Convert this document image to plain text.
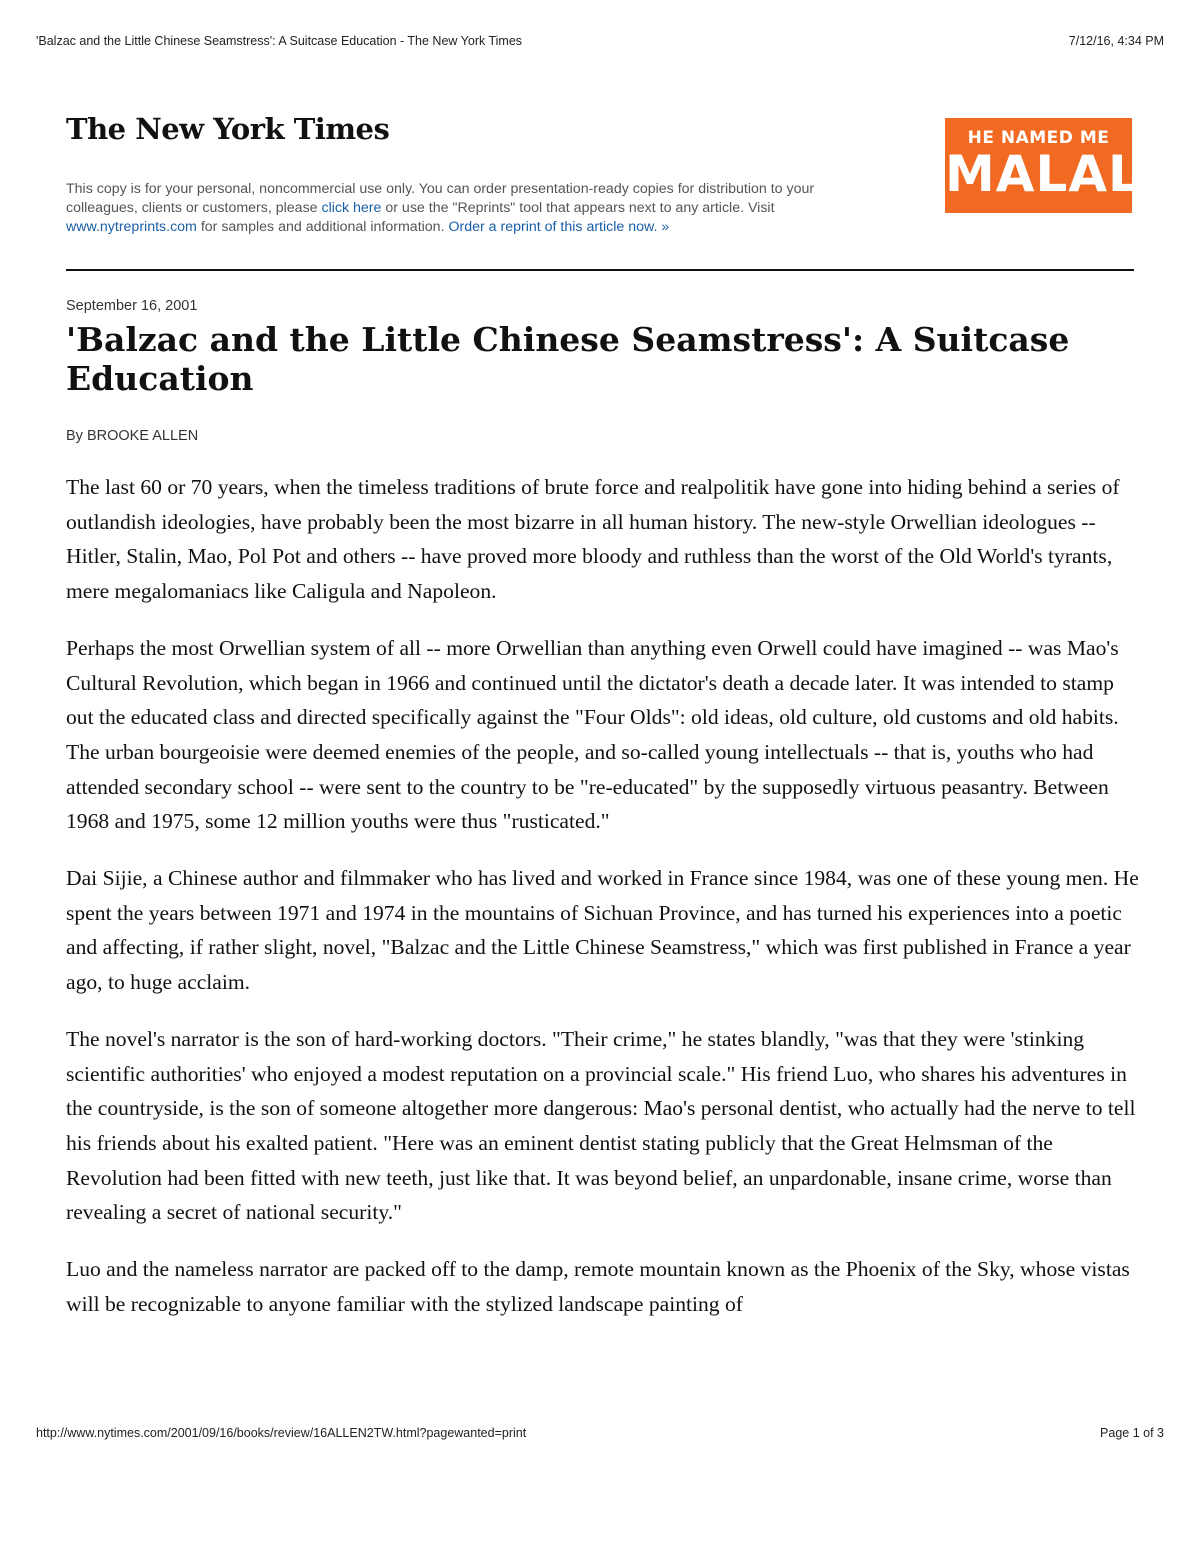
'Balzac and the Little Chinese Seamstress': A Suitcase Education - The New York Times	7/12/16, 4:34 PM
The New York Times	HE NAMED ME
MALALA
This copy is for your personal, noncommercial use only. You can order presentation-ready copies for distribution to your colleagues, clients or customers, please click here or use the "Reprints" tool that appears next to any article. Visit www.nytreprints.com for samples and additional information. Order a reprint of this article now. »
September 16, 2001
'Balzac and the Little Chinese Seamstress': A Suitcase Education
By BROOKE ALLEN

The last 60 or 70 years, when the timeless traditions of brute force and realpolitik have gone into hiding behind a series of outlandish ideologies, have probably been the most bizarre in all human history. The new-style Orwellian ideologues -- Hitler, Stalin, Mao, Pol Pot and others -- have proved more bloody and ruthless than the worst of the Old World's tyrants, mere megalomaniacs like Caligula and Napoleon.

Perhaps the most Orwellian system of all -- more Orwellian than anything even Orwell could have imagined -- was Mao's Cultural Revolution, which began in 1966 and continued until the dictator's death a decade later. It was intended to stamp out the educated class and directed specifically against the "Four Olds": old ideas, old culture, old customs and old habits. The urban bourgeoisie were deemed enemies of the people, and so-called young intellectuals -- that is, youths who had attended secondary school -- were sent to the country to be "re-educated" by the supposedly virtuous peasantry. Between 1968 and 1975, some 12 million youths were thus "rusticated."

Dai Sijie, a Chinese author and filmmaker who has lived and worked in France since 1984, was one of these young men. He spent the years between 1971 and 1974 in the mountains of Sichuan Province, and has turned his experiences into a poetic and affecting, if rather slight, novel, "Balzac and the Little Chinese Seamstress," which was first published in France a year ago, to huge acclaim.

The novel's narrator is the son of hard-working doctors. "Their crime," he states blandly, "was that they were 'stinking scientific authorities' who enjoyed a modest reputation on a provincial scale." His friend Luo, who shares his adventures in the countryside, is the son of someone altogether more dangerous: Mao's personal dentist, who actually had the nerve to tell his friends about his exalted patient. "Here was an eminent dentist stating publicly that the Great Helmsman of the Revolution had been fitted with new teeth, just like that. It was beyond belief, an unpardonable, insane crime, worse than revealing a secret of national security."

Luo and the nameless narrator are packed off to the damp, remote mountain known as the Phoenix of the Sky, whose vistas will be recognizable to anyone familiar with the stylized landscape painting of

http://www.nytimes.com/2001/09/16/books/review/16ALLEN2TW.html?pagewanted=print	Page 1 of 3
